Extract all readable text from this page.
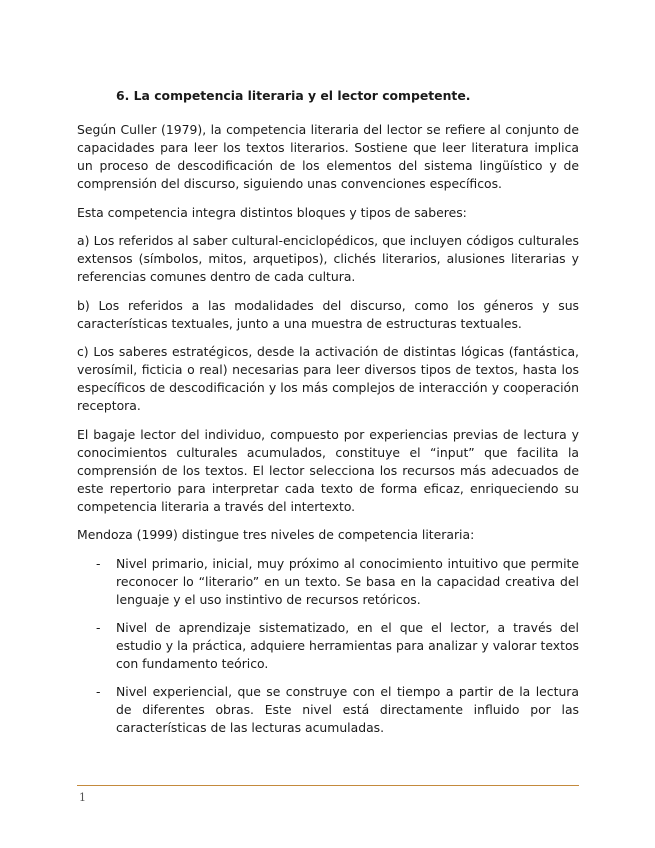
6. La competencia literaria y el lector competente.

Según Culler (1979), la competencia literaria del lector se refiere al conjunto de capacidades para leer los textos literarios. Sostiene que leer literatura implica un proceso de descodificación de los elementos del sistema lingüístico y de comprensión del discurso, siguiendo unas convenciones específicos.

Esta competencia integra distintos bloques y tipos de saberes:

a) Los referidos al saber cultural-enciclopédicos, que incluyen códigos culturales extensos (símbolos, mitos, arquetipos), clichés literarios, alusiones literarias y referencias comunes dentro de cada cultura.

b) Los referidos a las modalidades del discurso, como los géneros y sus características textuales, junto a una muestra de estructuras textuales.

c) Los saberes estratégicos, desde la activación de distintas lógicas (fantástica, verosímil, ficticia o real) necesarias para leer diversos tipos de textos, hasta los específicos de descodificación y los más complejos de interacción y cooperación receptora.

El bagaje lector del individuo, compuesto por experiencias previas de lectura y conocimientos culturales acumulados, constituye el “input” que facilita la comprensión de los textos. El lector selecciona los recursos más adecuados de este repertorio para interpretar cada texto de forma eficaz, enriqueciendo su competencia literaria a través del intertexto.

Mendoza (1999) distingue tres niveles de competencia literaria:

- Nivel primario, inicial, muy próximo al conocimiento intuitivo que permite reconocer lo “literario” en un texto. Se basa en la capacidad creativa del lenguaje y el uso instintivo de recursos retóricos.
- Nivel de aprendizaje sistematizado, en el que el lector, a través del estudio y la práctica, adquiere herramientas para analizar y valorar textos con fundamento teórico.
- Nivel experiencial, que se construye con el tiempo a partir de la lectura de diferentes obras. Este nivel está directamente influido por las características de las lecturas acumuladas.
1
